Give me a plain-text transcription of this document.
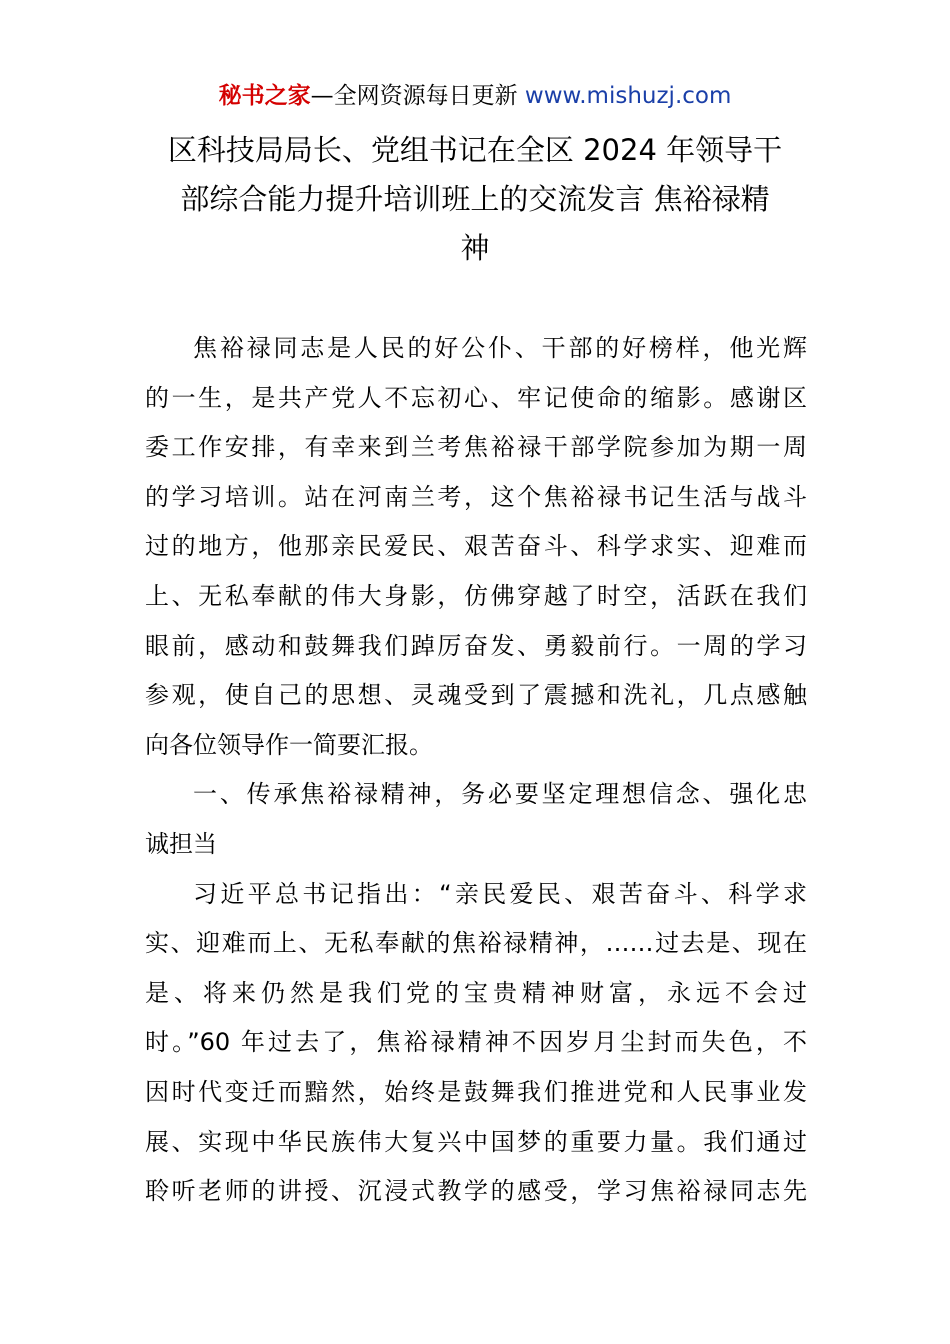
秘书之家—全网资源每日更新 www.mishuzj.com
区科技局局长、党组书记在全区 2024 年领导干
部综合能力提升培训班上的交流发言 焦裕禄精
神
焦裕禄同志是人民的好公仆、干部的好榜样，他光辉
的一生，是共产党人不忘初心、牢记使命的缩影。感谢区
委工作安排，有幸来到兰考焦裕禄干部学院参加为期一周
的学习培训。站在河南兰考，这个焦裕禄书记生活与战斗
过的地方，他那亲民爱民、艰苦奋斗、科学求实、迎难而
上、无私奉献的伟大身影，仿佛穿越了时空，活跃在我们
眼前，感动和鼓舞我们踔厉奋发、勇毅前行。一周的学习
参观，使自己的思想、灵魂受到了震撼和洗礼，几点感触
向各位领导作一简要汇报。
一、传承焦裕禄精神，务必要坚定理想信念、强化忠
诚担当
习近平总书记指出：“亲民爱民、艰苦奋斗、科学求
实、迎难而上、无私奉献的焦裕禄精神，……过去是、现在
是、将来仍然是我们党的宝贵精神财富，永远不会过
时。”60 年过去了，焦裕禄精神不因岁月尘封而失色，不
因时代变迁而黯然，始终是鼓舞我们推进党和人民事业发
展、实现中华民族伟大复兴中国梦的重要力量。我们通过
聆听老师的讲授、沉浸式教学的感受，学习焦裕禄同志先
